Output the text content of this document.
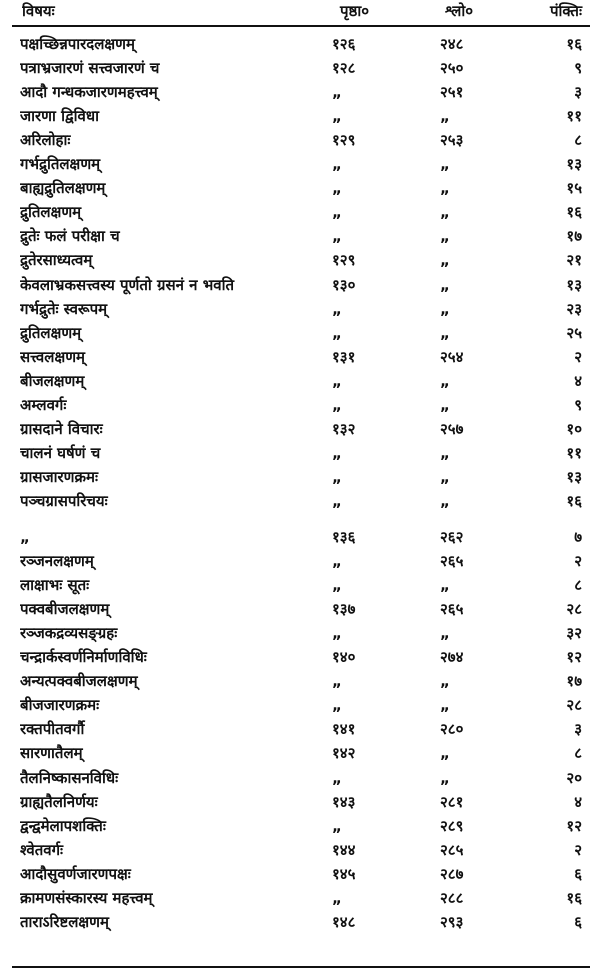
विषयः	पृष्ठा०	श्लो०	पंक्तिः
पक्षच्छिन्नपारदलक्षणम्	१२६	२४८	१६
पत्राभ्रजारणं सत्त्वजारणं च	१२८	२५०	९
आदौ गन्धकजारणमहत्त्वम्	„	२५१	३
जारणा द्विविधा	„	„	११
अरिलोहाः	१२९	२५३	८
गर्भद्रुतिलक्षणम्	„	„	१३
बाह्यद्रुतिलक्षणम्	„	„	१५
द्रुतिलक्षणम्	„	„	१६
द्रुतेः फलं परीक्षा च	„	„	१७
द्रुतेरसाध्यत्वम्	१२९	„	२१
केवलाभ्रकसत्त्वस्य पूर्णतो ग्रसनं न भवति	१३०	„	१३
गर्भद्रुतेः स्वरूपम्	„	„	२३
द्रुतिलक्षणम्	„	„	२५
सत्त्वलक्षणम्	१३१	२५४	२
बीजलक्षणम्	„	„	४
अम्लवर्गः	„	„	९
ग्रासदाने विचारः	१३२	२५७	१०
चालनं घर्षणं च	„	„	११
ग्रासजारणक्रमः	„	„	१३
पञ्चग्रासपरिचयः	„	„	१६
„	१३६	२६२	७
रञ्जनलक्षणम्	„	२६५	२
लाक्षाभः सूतः	„	„	८
पक्वबीजलक्षणम्	१३७	२६५	२८
रञ्जकद्रव्यसङ्ग्रहः	„	„	३२
चन्द्रार्कस्वर्णनिर्माणविधिः	१४०	२७४	१२
अन्यत्पक्वबीजलक्षणम्	„	„	१७
बीजजारणक्रमः	„	„	२८
रक्तपीतवर्गौ	१४१	२८०	३
सारणातैलम्	१४२	„	८
तैलनिष्कासनविधिः	„	„	२०
ग्राह्यतैलनिर्णयः	१४३	२८१	४
द्वन्द्वमेलापशक्तिः	„	२८९	१२
श्वेतवर्गः	१४४	२८५	२
आदौसुवर्णजारणपक्षः	१४५	२८७	६
क्रामणसंस्कारस्य महत्त्वम्	„	२८८	१६
ताराऽरिष्टलक्षणम्	१४८	२९३	६
